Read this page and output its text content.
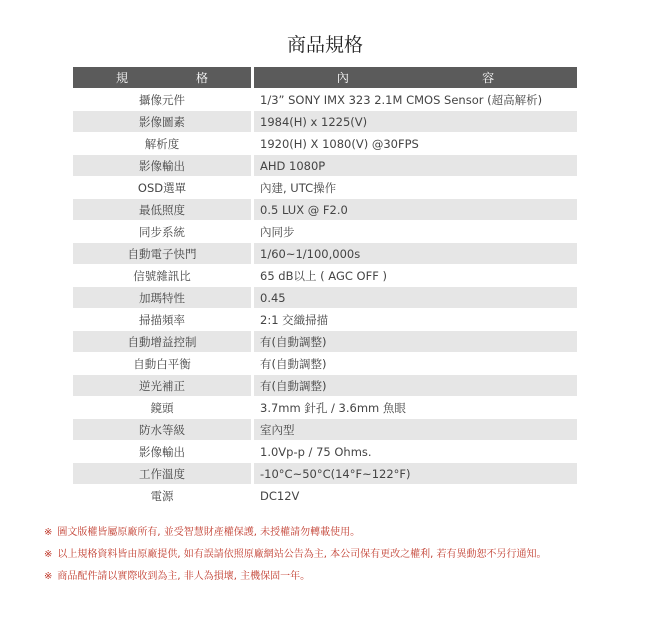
商品規格
規 格	內 容
攝像元件	1/3” SONY IMX 323 2.1M CMOS Sensor (超高解析)
影像圖素	1984(H) x 1225(V)
解析度	1920(H) X 1080(V) @30FPS
影像輸出	AHD 1080P
OSD選單	內建, UTC操作
最低照度	0.5 LUX @ F2.0
同步系統	內同步
自動電子快門	1/60~1/100,000s
信號雜訊比	65 dB以上 ( AGC OFF )
加瑪特性	0.45
掃描頻率	2:1 交織掃描
自動增益控制	有(自動調整)
自動白平衡	有(自動調整)
逆光補正	有(自動調整)
鏡頭	3.7mm 針孔 / 3.6mm 魚眼
防水等級	室內型
影像輸出	1.0Vp-p / 75 Ohms.
工作溫度	-10°C~50°C(14°F~122°F)
電源	DC12V
※ 圖文版權皆屬原廠所有, 並受智慧財產權保護, 未授權請勿轉載使用。
※ 以上規格資料皆由原廠提供, 如有誤請依照原廠網站公告為主, 本公司保有更改之權利, 若有異動恕不另行通知。
※ 商品配件請以實際收到為主, 非人為損壞, 主機保固一年。
